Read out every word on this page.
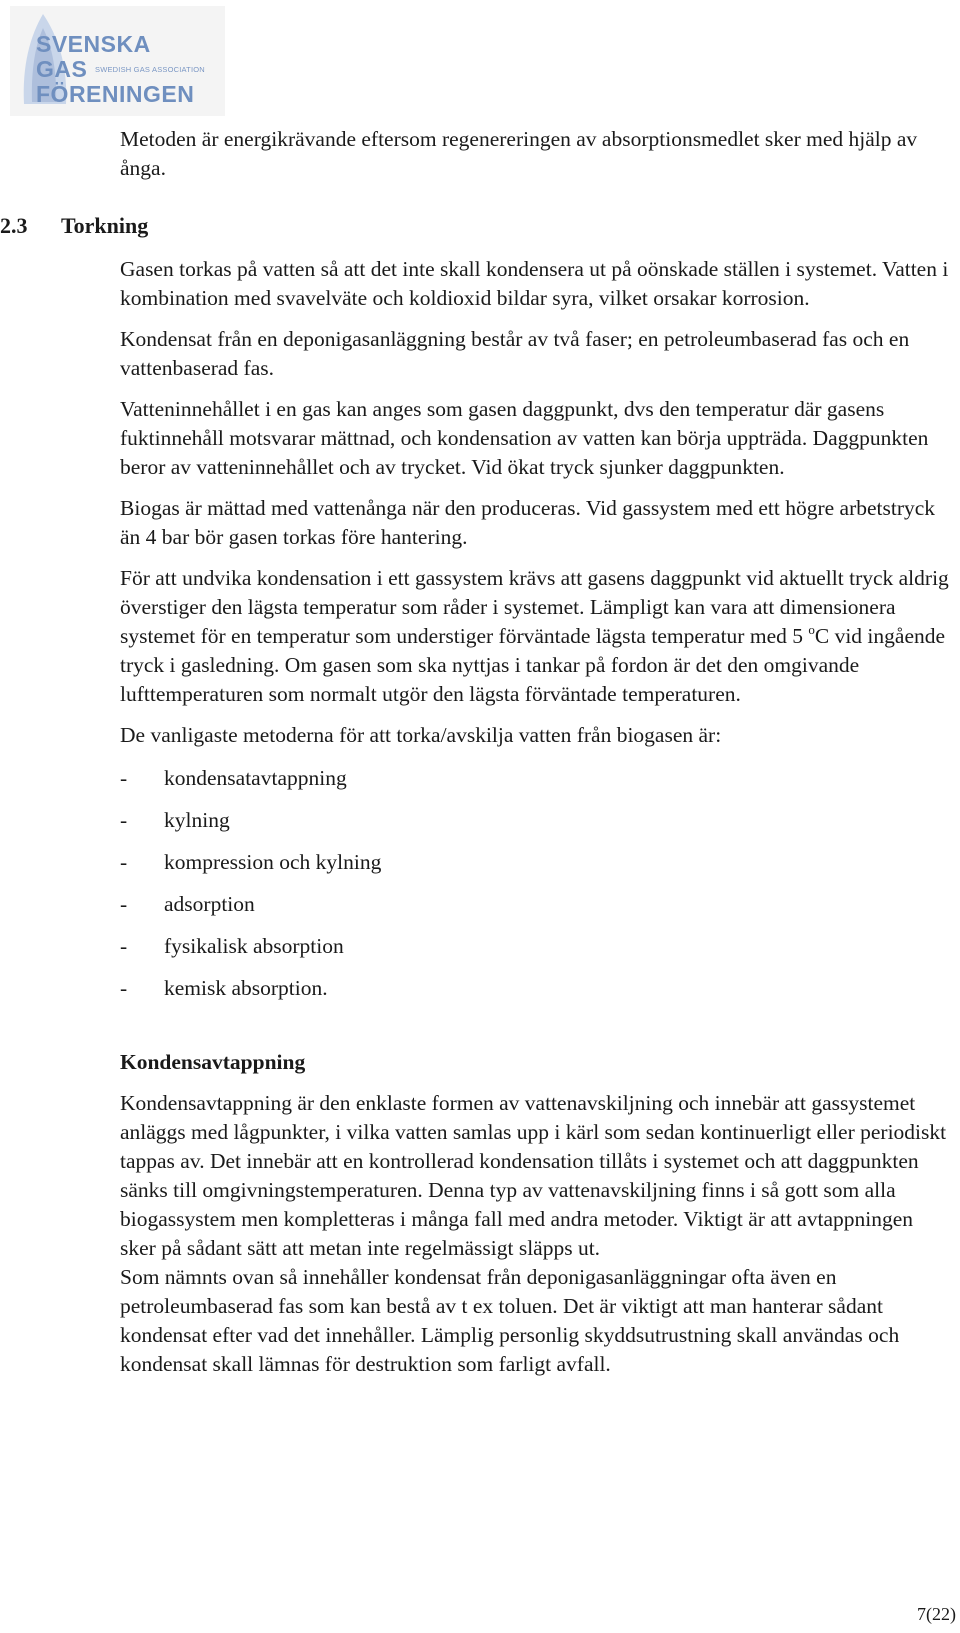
SVENSKA
GAS
FÖRENINGEN
SWEDISH GAS ASSOCIATION
2.3 Torkning

Metoden är energikrävande eftersom regenereringen av absorptionsmedlet sker med hjälp av ånga.

Gasen torkas på vatten så att det inte skall kondensera ut på oönskade ställen i systemet. Vatten i kombination med svavelväte och koldioxid bildar syra, vilket orsakar korrosion.

Kondensat från en deponigasanläggning består av två faser; en petroleumbaserad fas och en vattenbaserad fas.

Vatteninnehållet i en gas kan anges som gasen daggpunkt, dvs den temperatur där gasens fuktinnehåll motsvarar mättnad, och kondensation av vatten kan börja uppträda. Daggpunkten beror av vatteninnehållet och av trycket. Vid ökat tryck sjunker daggpunkten.

Biogas är mättad med vattenånga när den produceras. Vid gassystem med ett högre arbetstryck än 4 bar bör gasen torkas före hantering.

För att undvika kondensation i ett gassystem krävs att gasens daggpunkt vid aktuellt tryck aldrig överstiger den lägsta temperatur som råder i systemet. Lämpligt kan vara att dimensionera systemet för en temperatur som understiger förväntade lägsta temperatur med 5 $^o$C vid ingående tryck i gasledning. Om gasen som ska nyttjas i tankar på fordon är det den omgivande lufttemperaturen som normalt utgör den lägsta förväntade temperaturen.

De vanligaste metoderna för att torka/avskilja vatten från biogasen är:

- kondensatavtappning
- kylning
- kompression och kylning
- adsorption
- fysikalisk absorption
- kemisk absorption.

Kondensavtappning

Kondensavtappning är den enklaste formen av vattenavskiljning och innebär att gassystemet anläggs med lågpunkter, i vilka vatten samlas upp i kärl som sedan kontinuerligt eller periodiskt tappas av. Det innebär att en kontrollerad kondensation tillåts i systemet och att daggpunkten sänks till omgivningstemperaturen. Denna typ av vattenavskiljning finns i så gott som alla biogassystem men kompletteras i många fall med andra metoder. Viktigt är att avtappningen sker på sådant sätt att metan inte regelmässigt släpps ut.

Som nämnts ovan så innehåller kondensat från deponigasanläggningar ofta även en petroleumbaserad fas som kan bestå av t ex toluen. Det är viktigt att man hanterar sådant kondensat efter vad det innehåller. Lämplig personlig skyddsutrustning skall användas och kondensat skall lämnas för destruktion som farligt avfall.

7(22)
